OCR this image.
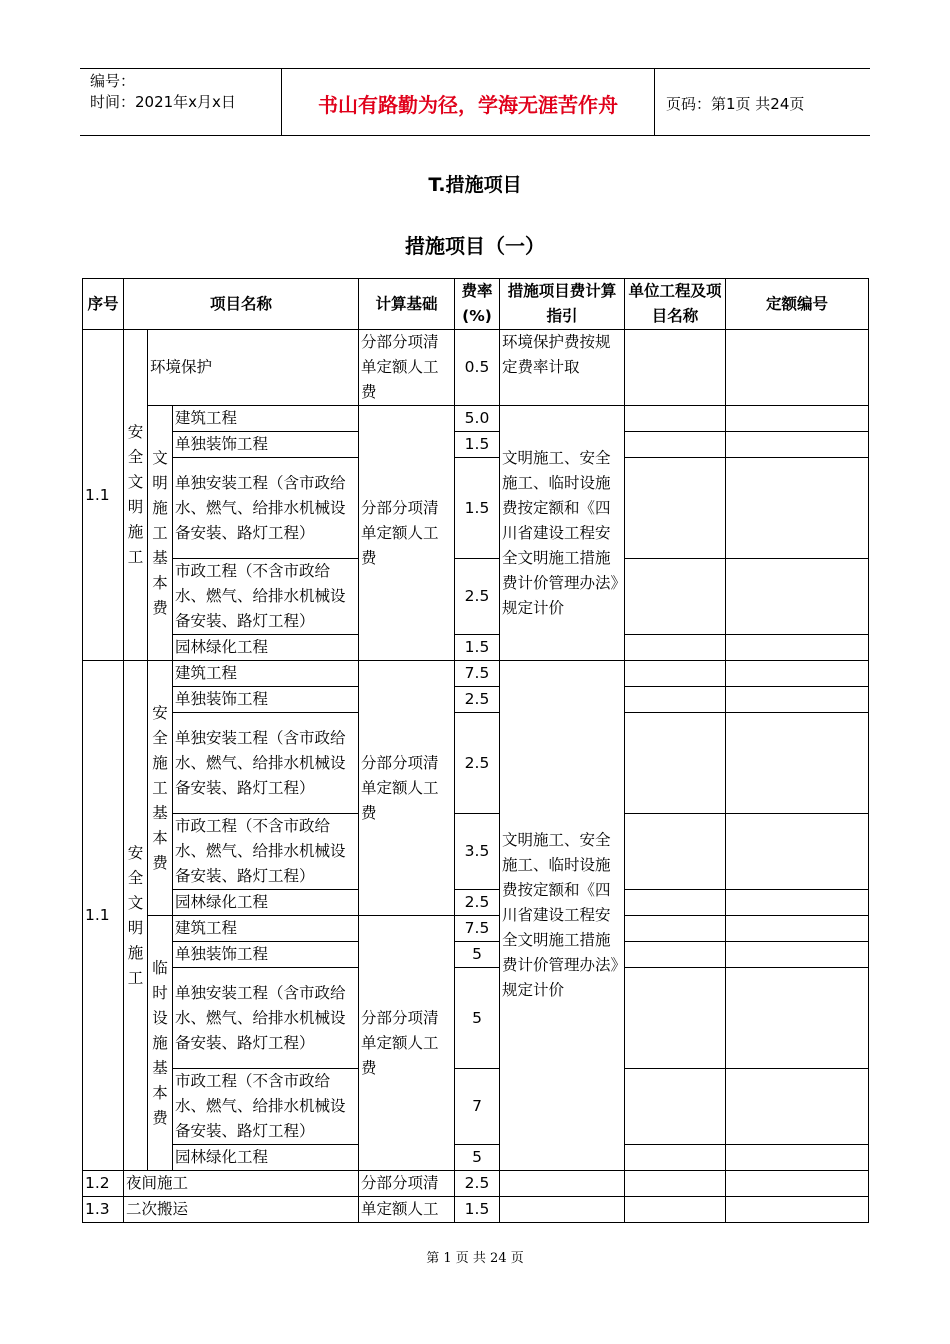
编号：
时间：2021年x月x日	书山有路勤为径，学海无涯苦作舟	页码：第1页 共24页
T.措施项目
措施项目（一）
序号	项目名称			计算基础	费率(%)	措施项目费计算指引	单位工程及项目名称	定额编号
1.1	安全文明施工	环境保护		分部分项清单定额人工费	0.5	环境保护费按规定费率计取		

		文明施工基本费	建筑工程	分部分项清单定额人工费	5.0	文明施工、安全施工、临时设施费按定额和《四川省建设工程安全文明施工措施费计价管理办法》规定计价		
			单独装饰工程		1.5			
			单独安装工程（含市政给水、燃气、给排水机械设备安装、路灯工程）		1.5			
			市政工程（不含市政给水、燃气、给排水机械设备安装、路灯工程）		2.5			
			园林绿化工程		1.5			

1.1	安全文明施工	安全施工基本费	建筑工程	分部分项清单定额人工费	7.5	文明施工、安全施工、临时设施费按定额和《四川省建设工程安全文明施工措施费计价管理办法》规定计价		
			单独装饰工程		2.5			
			单独安装工程（含市政给水、燃气、给排水机械设备安装、路灯工程）		2.5			
			市政工程（不含市政给水、燃气、给排水机械设备安装、路灯工程）		3.5			
			园林绿化工程		2.5			

		临时设施基本费	建筑工程	分部分项清单定额人工费	7.5			
			单独装饰工程		5			
			单独安装工程（含市政给水、燃气、给排水机械设备安装、路灯工程）		5			
			市政工程（不含市政给水、燃气、给排水机械设备安装、路灯工程）		7			
			园林绿化工程		5			
1.2	夜间施工			分部分项清	2.5			
1.3	二次搬运			单定额人工	1.5			
第 1 页 共 24 页
